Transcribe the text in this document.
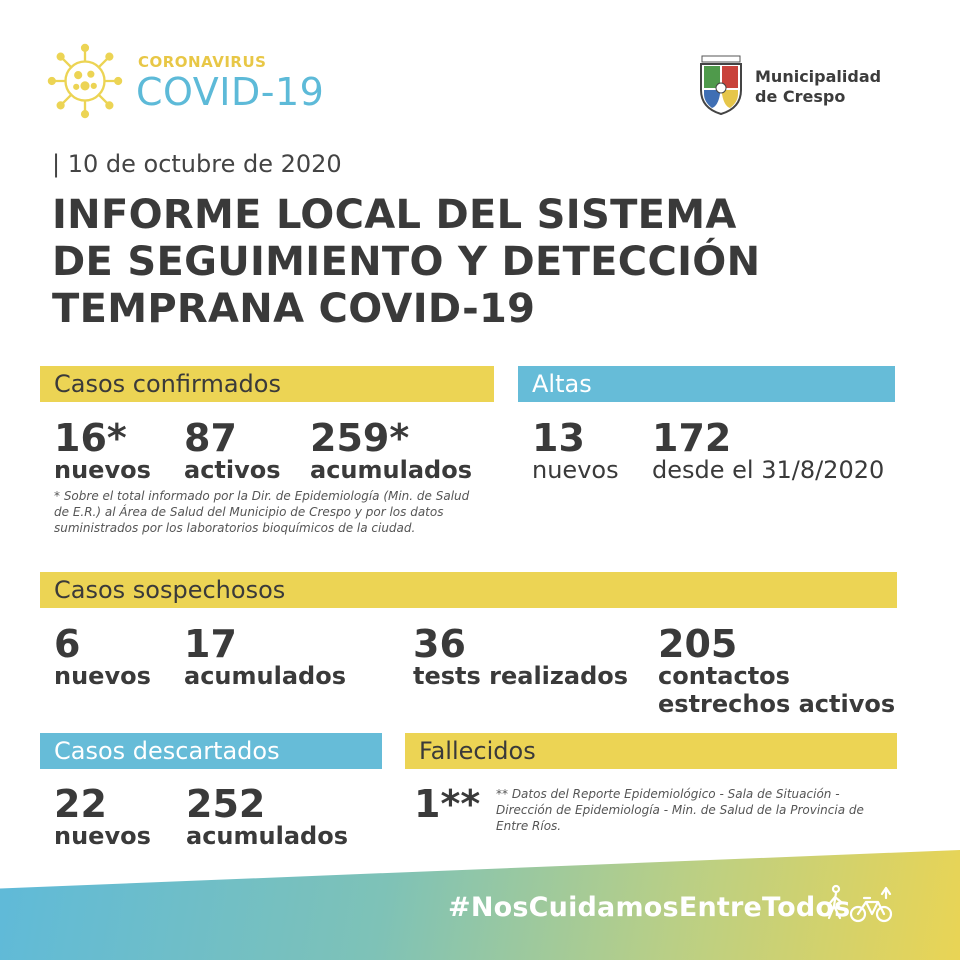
CORONAVIRUS
COVID-19	Municipalidad
de Crespo
| 10 de octubre de 2020
INFORME LOCAL DEL SISTEMA
DE SEGUIMIENTO Y DETECCIÓN
TEMPRANA COVID-19
Casos confirmados
16*
nuevos
87
activos
259*
acumulados
* Sobre el total informado por la Dir. de Epidemiología (Min. de Salud de E.R.) al Área de Salud del Municipio de Crespo y por los datos suministrados por los laboratorios bioquímicos de la ciudad.
Altas
13
nuevos
172
desde el 31/8/2020
Casos sospechosos
6
nuevos
17
acumulados
36
tests realizados
205
contactos
estrechos activos
Casos descartados
22
nuevos
252
acumulados
Fallecidos
1** ** Datos del Reporte Epidemiológico - Sala de Situación - Dirección de Epidemiología - Min. de Salud de la Provincia de Entre Ríos.
#NosCuidamosEntreTodos
